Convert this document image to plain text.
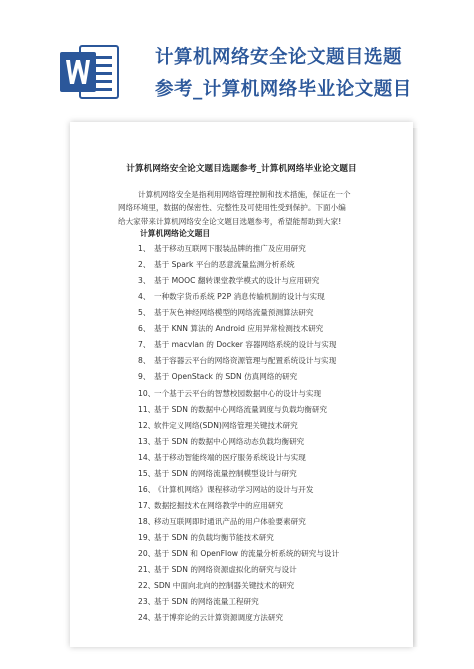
计算机网络安全论文题目选题
参考_计算机网络毕业论文题目
计算机网络安全论文题目选题参考_计算机网络毕业论文题目
计算机网络安全是指利用网络管理控制和技术措施，保证在一个
网络环境里，数据的保密性、完整性及可使用性受到保护。下面小编
给大家带来计算机网络安全论文题目选题参考，希望能帮助到大家!
计算机网络论文题目
1、 基于移动互联网下服装品牌的推广及应用研究
2、 基于 Spark 平台的恶意流量监测分析系统
3、 基于 MOOC 翻转课堂教学模式的设计与应用研究
4、 一种数字货币系统 P2P 消息传输机制的设计与实现
5、 基于灰色神经网络模型的网络流量预测算法研究
6、 基于 KNN 算法的 Android 应用异常检测技术研究
7、 基于 macvlan 的 Docker 容器网络系统的设计与实现
8、 基于容器云平台的网络资源管理与配置系统设计与实现
9、 基于 OpenStack 的 SDN 仿真网络的研究
10、一个基于云平台的智慧校园数据中心的设计与实现
11、基于 SDN 的数据中心网络流量调度与负载均衡研究
12、软件定义网络(SDN)网络管理关键技术研究
13、基于 SDN 的数据中心网络动态负载均衡研究
14、基于移动智能终端的医疗服务系统设计与实现
15、基于 SDN 的网络流量控制模型设计与研究
16、《计算机网络》课程移动学习网站的设计与开发
17、数据挖掘技术在网络教学中的应用研究
18、移动互联网即时通讯产品的用户体验要素研究
19、基于 SDN 的负载均衡节能技术研究
20、基于 SDN 和 OpenFlow 的流量分析系统的研究与设计
21、基于 SDN 的网络资源虚拟化的研究与设计
22、SDN 中面向北向的控制器关键技术的研究
23、基于 SDN 的网络流量工程研究
24、基于博弈论的云计算资源调度方法研究
​
